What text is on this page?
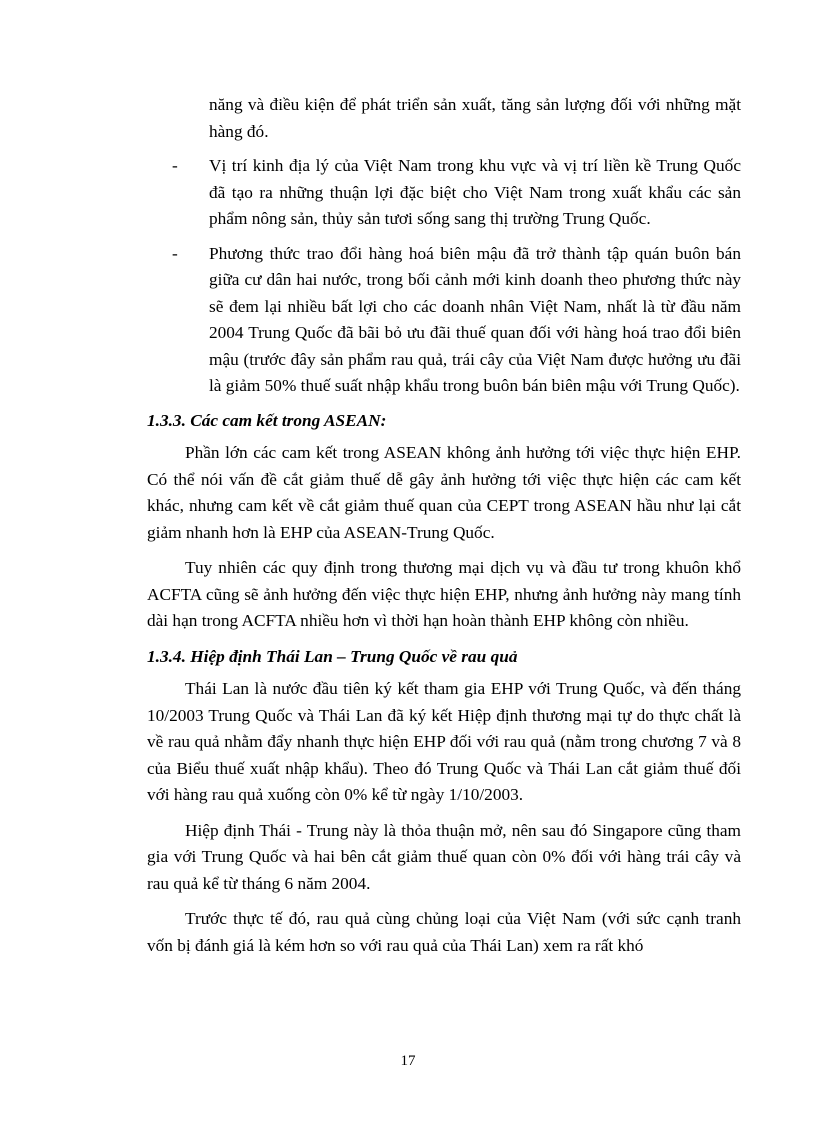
năng và điều kiện để phát triển sản xuất, tăng sản lượng đối với những mặt hàng đó.
- Vị trí kinh địa lý của Việt Nam trong khu vực và vị trí liền kề Trung Quốc đã tạo ra những thuận lợi đặc biệt cho Việt Nam trong xuất khẩu các sản phẩm nông sản, thủy sản tươi sống sang thị trường Trung Quốc.
- Phương thức trao đổi hàng hoá biên mậu đã trở thành tập quán buôn bán giữa cư dân hai nước, trong bối cảnh mới kinh doanh theo phương thức này sẽ đem lại nhiều bất lợi cho các doanh nhân Việt Nam, nhất là từ đầu năm 2004 Trung Quốc đã bãi bỏ ưu đãi thuế quan đối với hàng hoá trao đổi biên mậu (trước đây sản phẩm rau quả, trái cây của Việt Nam được hưởng ưu đãi là giảm 50% thuế suất nhập khẩu trong buôn bán biên mậu với Trung Quốc).
1.3.3. Các cam kết trong ASEAN:

Phần lớn các cam kết trong ASEAN không ảnh hưởng tới việc thực hiện EHP. Có thể nói vấn đề cắt giảm thuế dễ gây ảnh hưởng tới việc thực hiện các cam kết khác, nhưng cam kết về cắt giảm thuế quan của CEPT trong ASEAN hầu như lại cắt giảm nhanh hơn là EHP của ASEAN-Trung Quốc.

Tuy nhiên các quy định trong thương mại dịch vụ và đầu tư trong khuôn khổ ACFTA cũng sẽ ảnh hưởng đến việc thực hiện EHP, nhưng ảnh hưởng này mang tính dài hạn trong ACFTA nhiều hơn vì thời hạn hoàn thành EHP không còn nhiều.

1.3.4. Hiệp định Thái Lan – Trung Quốc về rau quả

Thái Lan là nước đầu tiên ký kết tham gia EHP với Trung Quốc, và đến tháng 10/2003 Trung Quốc và Thái Lan đã ký kết Hiệp định thương mại tự do thực chất là về rau quả nhằm đẩy nhanh thực hiện EHP đối với rau quả (nằm trong chương 7 và 8 của Biểu thuế xuất nhập khẩu). Theo đó Trung Quốc và Thái Lan cắt giảm thuế đối với hàng rau quả xuống còn 0% kể từ ngày 1/10/2003.

Hiệp định Thái - Trung này là thỏa thuận mở, nên sau đó Singapore cũng tham gia với Trung Quốc và hai bên cắt giảm thuế quan còn 0% đối với hàng trái cây và rau quả kể từ tháng 6 năm 2004.

Trước thực tế đó, rau quả cùng chủng loại của Việt Nam (với sức cạnh tranh vốn bị đánh giá là kém hơn so với rau quả của Thái Lan) xem ra rất khó

17
